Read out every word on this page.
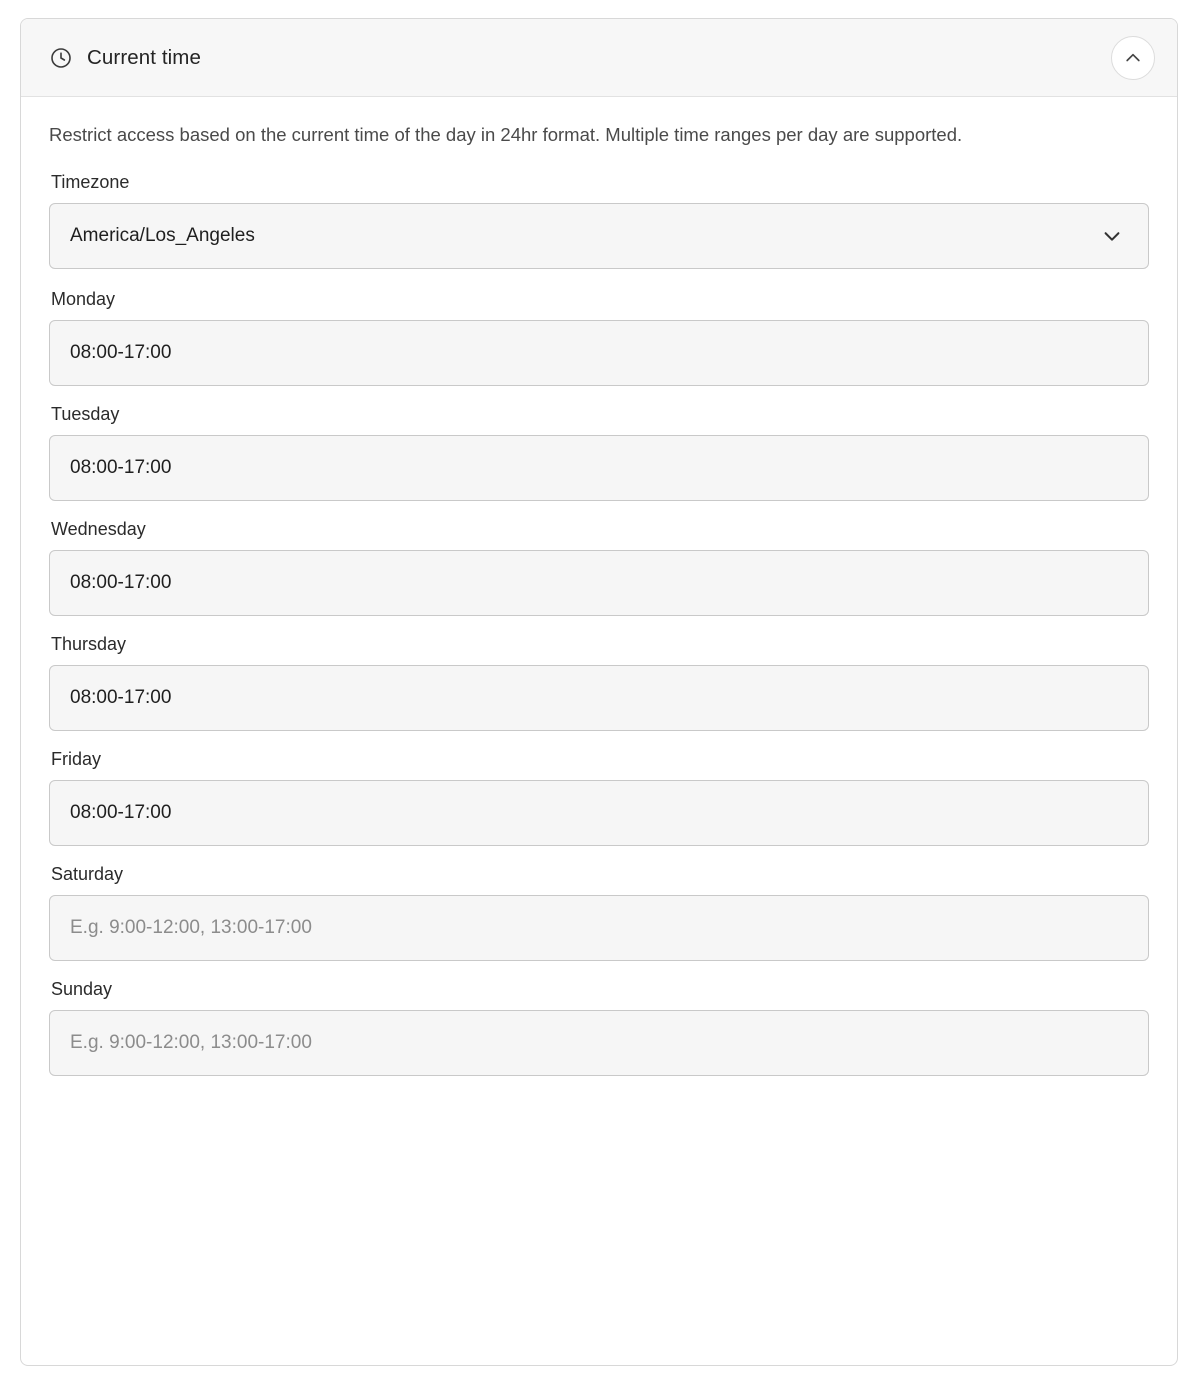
Current time

Restrict access based on the current time of the day in 24hr format. Multiple time ranges per day are supported.

Timezone
America/Los_Angeles
Monday
08:00-17:00
Tuesday
08:00-17:00
Wednesday
08:00-17:00
Thursday
08:00-17:00
Friday
08:00-17:00
Saturday
E.g. 9:00-12:00, 13:00-17:00
Sunday
E.g. 9:00-12:00, 13:00-17:00
